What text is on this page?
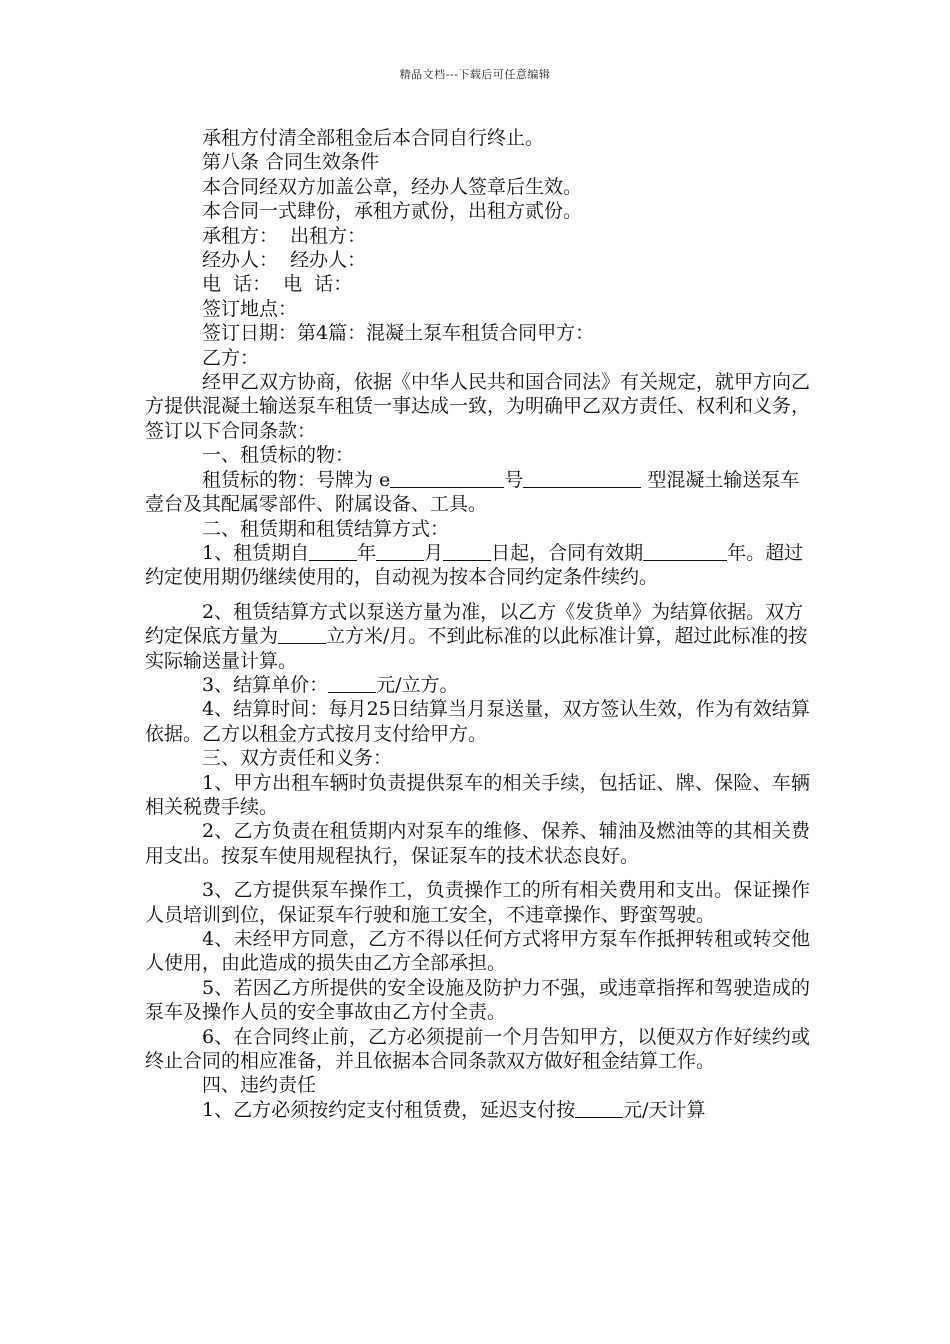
精品文档---下载后可任意编辑

承租方付清全部租金后本合同自行终止。

第八条 合同生效条件

本合同经双方加盖公章，经办人签章后生效。

本合同一式肆份，承租方贰份，出租方贰份。

承租方：  出租方：

经办人：  经办人：

电  话：  电  话：

签订地点：

签订日期：第4篇：混凝土泵车租赁合同甲方：

乙方：

经甲乙双方协商，依据《中华人民共和国合同法》有关规定，就甲方向乙方提供混凝土输送泵车租赁一事达成一致，为明确甲乙双方责任、权利和义务，签订以下合同条款：

一、租赁标的物：

租赁标的物：号牌为 e	号	型混凝土输送泵车壹台及其配属零部件、附属设备、工具。

二、租赁期和租赁结算方式：

1、租赁期自	年	月	日起，合同有效期	年。超过约定使用期仍继续使用的，自动视为按本合同约定条件续约。

2、租赁结算方式以泵送方量为准，以乙方《发货单》为结算依据。双方约定保底方量为	立方米/月。不到此标准的以此标准计算，超过此标准的按实际输送量计算。

3、结算单价：	元/立方。

4、结算时间：每月25日结算当月泵送量，双方签认生效，作为有效结算依据。乙方以租金方式按月支付给甲方。

三、双方责任和义务：

1、甲方出租车辆时负责提供泵车的相关手续，包括证、牌、保险、车辆相关税费手续。

2、乙方负责在租赁期内对泵车的维修、保养、辅油及燃油等的其相关费用支出。按泵车使用规程执行，保证泵车的技术状态良好。

3、乙方提供泵车操作工，负责操作工的所有相关费用和支出。保证操作人员培训到位，保证泵车行驶和施工安全，不违章操作、野蛮驾驶。

4、未经甲方同意，乙方不得以任何方式将甲方泵车作抵押转租或转交他人使用，由此造成的损失由乙方全部承担。

5、若因乙方所提供的安全设施及防护力不强，或违章指挥和驾驶造成的泵车及操作人员的安全事故由乙方付全责。

6、在合同终止前，乙方必须提前一个月告知甲方，以便双方作好续约或终止合同的相应准备，并且依据本合同条款双方做好租金结算工作。

四、违约责任

1、乙方必须按约定支付租赁费，延迟支付按	元/天计算
